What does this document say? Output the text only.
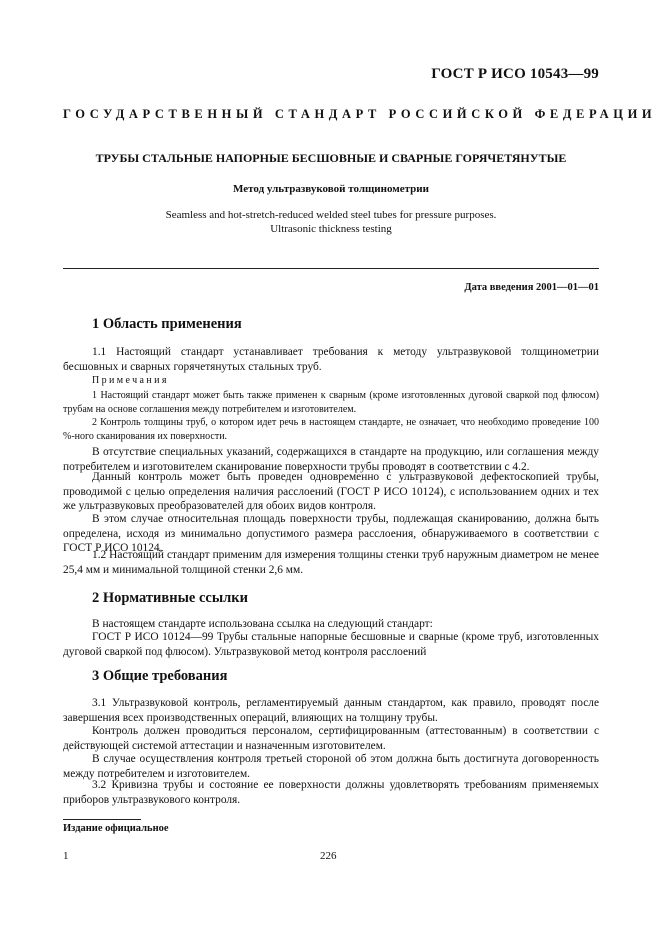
ГОСТ Р ИСО 10543—99
ГОСУДАРСТВЕННЫЙ СТАНДАРТ РОССИЙСКОЙ ФЕДЕРАЦИИ
ТРУБЫ СТАЛЬНЫЕ НАПОРНЫЕ БЕСШОВНЫЕ И СВАРНЫЕ ГОРЯЧЕТЯНУТЫЕ
Метод ультразвуковой толщинометрии
Seamless and hot-stretch-reduced welded steel tubes for pressure purposes.
Ultrasonic thickness testing
Дата введения 2001—01—01
1 Область применения
1.1 Настоящий стандарт устанавливает требования к методу ультразвуковой толщинометрии бесшовных и сварных горячетянутых стальных труб.
Примечания
1 Настоящий стандарт может быть также применен к сварным (кроме изготовленных дуговой сваркой под флюсом) трубам на основе соглашения между потребителем и изготовителем.
2 Контроль толщины труб, о котором идет речь в настоящем стандарте, не означает, что необходимо проведение 100 %-ного сканирования их поверхности.
В отсутствие специальных указаний, содержащихся в стандарте на продукцию, или соглашения между потребителем и изготовителем сканирование поверхности трубы проводят в соответствии с 4.2.
Данный контроль может быть проведен одновременно с ультразвуковой дефектоскопией трубы, проводимой с целью определения наличия расслоений (ГОСТ Р ИСО 10124), с использованием одних и тех же ультразвуковых преобразователей для обоих видов контроля.
В этом случае относительная площадь поверхности трубы, подлежащая сканированию, должна быть определена, исходя из минимально допустимого размера расслоения, обнаруживаемого в соответствии с ГОСТ Р ИСО 10124.
1.2 Настоящий стандарт применим для измерения толщины стенки труб наружным диаметром не менее 25,4 мм и минимальной толщиной стенки 2,6 мм.
2 Нормативные ссылки
В настоящем стандарте использована ссылка на следующий стандарт:
ГОСТ Р ИСО 10124—99 Трубы стальные напорные бесшовные и сварные (кроме труб, изготовленных дуговой сваркой под флюсом). Ультразвуковой метод контроля расслоений
3 Общие требования
3.1 Ультразвуковой контроль, регламентируемый данным стандартом, как правило, проводят после завершения всех производственных операций, влияющих на толщину трубы.
Контроль должен проводиться персоналом, сертифицированным (аттестованным) в соответствии с действующей системой аттестации и назначенным изготовителем.
В случае осуществления контроля третьей стороной об этом должна быть достигнута договоренность между потребителем и изготовителем.
3.2 Кривизна трубы и состояние ее поверхности должны удовлетворять требованиям применяемых приборов ультразвукового контроля.
Издание официальное
1	226
